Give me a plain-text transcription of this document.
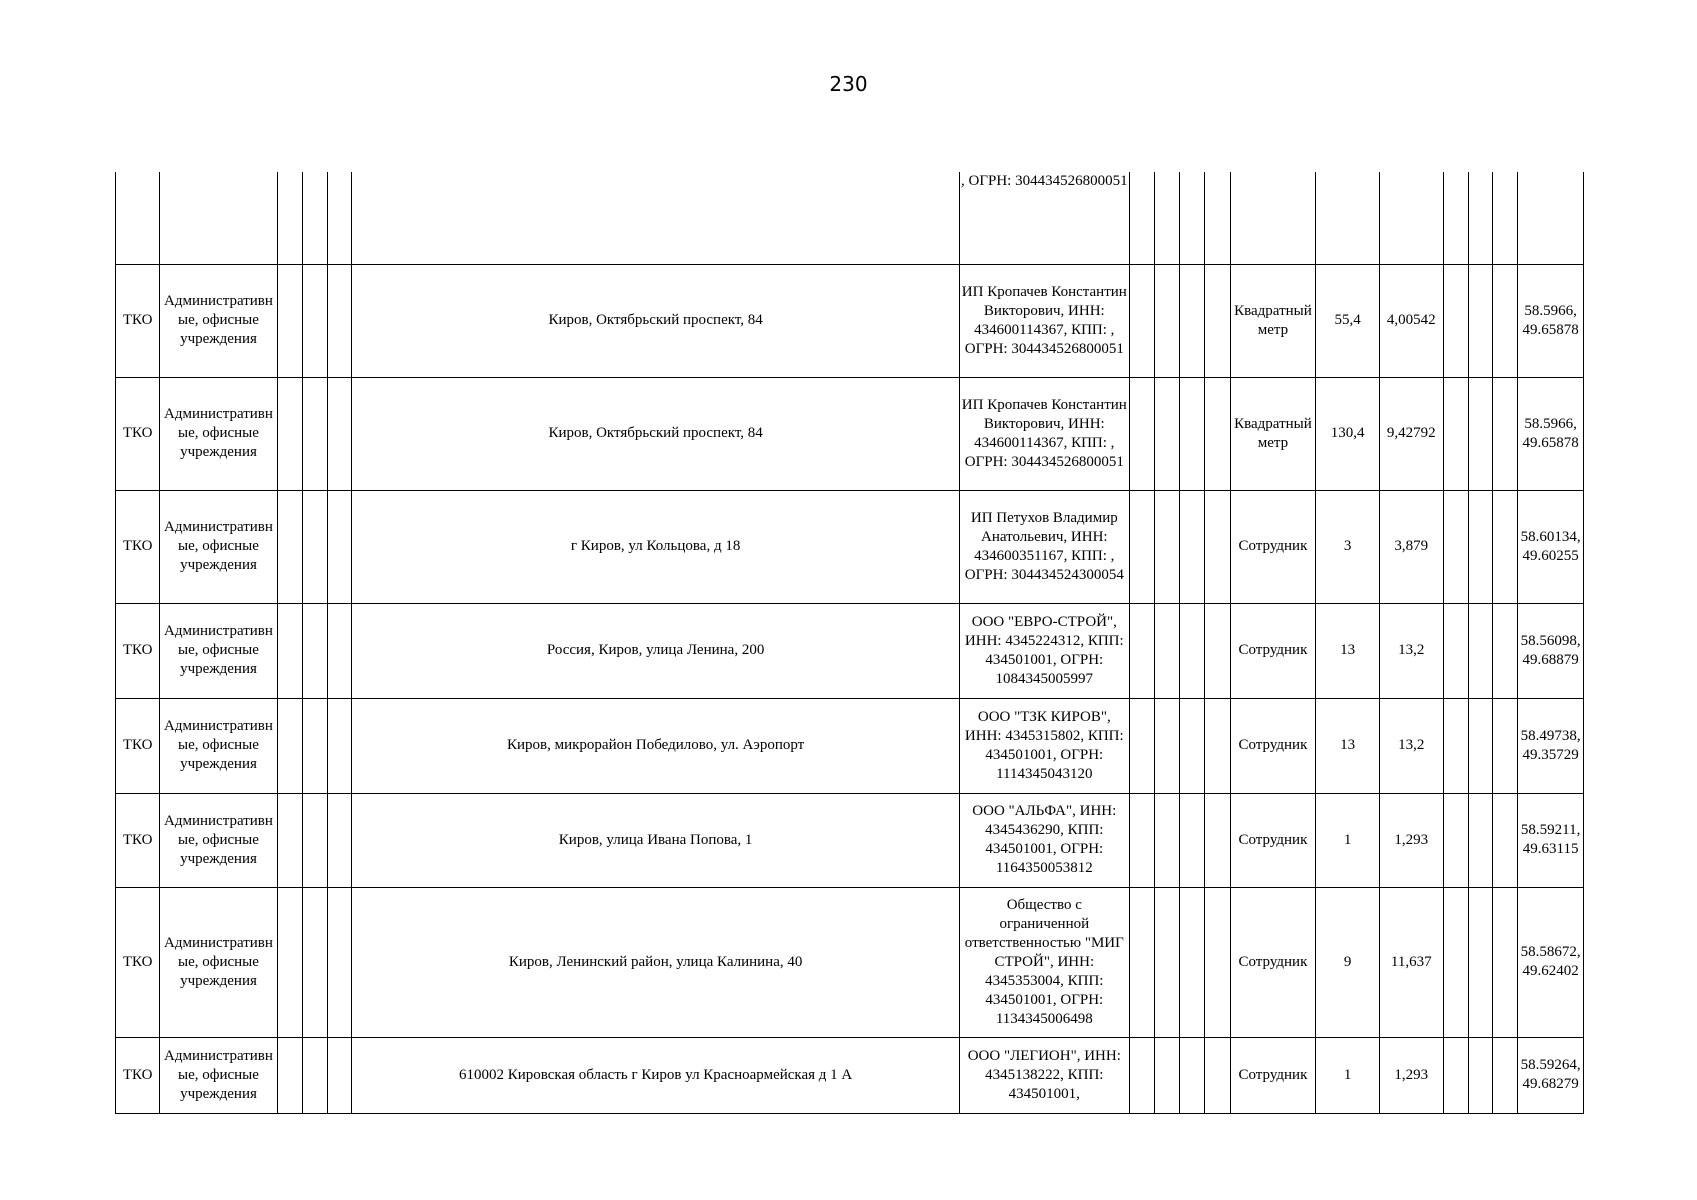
230
						, ОГРН: 304434526800051											
ТКО	Административные, офисные учреждения				Киров, Октябрьский проспект, 84	ИП Кропачев Константин Викторович, ИНН: 434600114367, КПП: , ОГРН: 304434526800051					Квадратный метр	55,4	4,00542				58.5966, 49.65878
ТКО	Административные, офисные учреждения				Киров, Октябрьский проспект, 84	ИП Кропачев Константин Викторович, ИНН: 434600114367, КПП: , ОГРН: 304434526800051					Квадратный метр	130,4	9,42792				58.5966, 49.65878
ТКО	Административные, офисные учреждения				г Киров, ул Кольцова, д 18	ИП Петухов Владимир Анатольевич, ИНН: 434600351167, КПП: , ОГРН: 304434524300054					Сотрудник	3	3,879				58.60134, 49.60255
ТКО	Административные, офисные учреждения				Россия, Киров, улица Ленина, 200	ООО "ЕВРО-СТРОЙ", ИНН: 4345224312, КПП: 434501001, ОГРН: 1084345005997					Сотрудник	13	13,2				58.56098, 49.68879
ТКО	Административные, офисные учреждения				Киров, микрорайон Победилово, ул. Аэропорт	ООО "ТЗК КИРОВ", ИНН: 4345315802, КПП: 434501001, ОГРН: 1114345043120					Сотрудник	13	13,2				58.49738, 49.35729
ТКО	Административные, офисные учреждения				Киров, улица Ивана Попова, 1	ООО "АЛЬФА", ИНН: 4345436290, КПП: 434501001, ОГРН: 1164350053812					Сотрудник	1	1,293				58.59211, 49.63115
ТКО	Административные, офисные учреждения				Киров, Ленинский район, улица Калинина, 40	Общество с ограниченной ответственностью "МИГ СТРОЙ", ИНН: 4345353004, КПП: 434501001, ОГРН: 1134345006498					Сотрудник	9	11,637				58.58672, 49.62402
ТКО	Административные, офисные учреждения				610002 Кировская область г Киров ул Красноармейская д 1 А	ООО "ЛЕГИОН", ИНН: 4345138222, КПП: 434501001,					Сотрудник	1	1,293				58.59264, 49.68279
